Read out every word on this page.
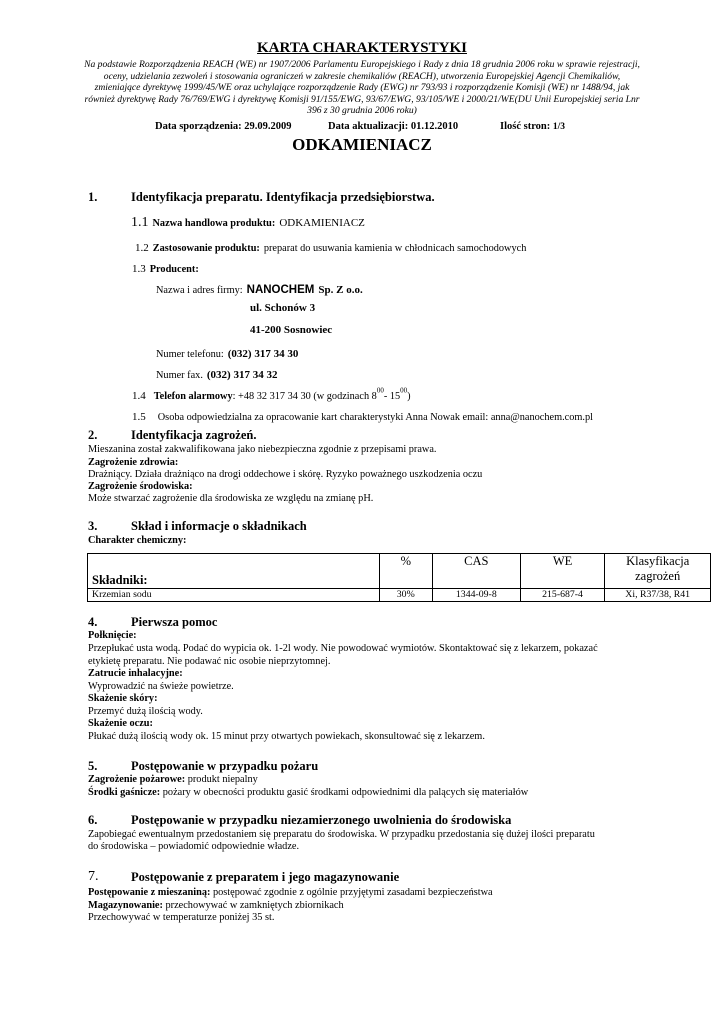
KARTA CHARAKTERYSTYKI
Na podstawie Rozporządzenia REACH (WE) nr 1907/2006 Parlamentu Europejskiego i Rady z dnia 18 grudnia 2006 roku w sprawie rejestracji, oceny, udzielania zezwoleń i stosowania ograniczeń w zakresie chemikaliów (REACH), utworzenia Europejskiej Agencji Chemikaliów, zmieniające dyrektywę 1999/45/WE oraz uchylające rozporządzenie Rady (EWG) nr 793/93 i rozporządzenie Komisji (WE) nr 1488/94, jak również dyrektywę Rady 76/769/EWG i dyrektywę Komisji 91/155/EWG, 93/67/EWG, 93/105/WE i 2000/21/WE(DU Unii Europejskiej seria Lnr 396 z 30 grudnia 2006 roku)
Data sporządzenia: 29.09.2009	Data aktualizacji: 01.12.2010	Ilość stron: 1/3
ODKAMIENIACZ
1.	Identyfikacja preparatu. Identyfikacja przedsiębiorstwa.
1.1 Nazwa handlowa produktu: ODKAMIENIACZ
1.2 Zastosowanie produktu: preparat do usuwania kamienia w chłodnicach samochodowych
1.3 Producent:
Nazwa i adres firmy: NANOCHEM Sp. Z o.o.
ul. Schonów 3
41-200 Sosnowiec
Numer telefonu: (032) 317 34 30
Numer fax. (032) 317 34 32
1.4 Telefon alarmowy: +48 32 317 34 30 (w godzinach $8^{00}-$ $15^{00}$)
1.5 Osoba odpowiedzialna za opracowanie kart charakterystyki Anna Nowak email: anna@nanochem.com.pl
2.	Identyfikacja zagrożeń.
Mieszanina został zakwalifikowana jako niebezpieczna zgodnie z przepisami prawa.
Zagrożenie zdrowia:
Drażniący. Działa drażniąco na drogi oddechowe i skórę. Ryzyko poważnego uszkodzenia oczu
Zagrożenie środowiska:
Może stwarzać zagrożenie dla środowiska ze względu na zmianę pH.
3.	Skład i informacje o składnikach
Charakter chemiczny:
Składniki:	%	CAS	WE	Klasyfikacja zagrożeń
Krzemian sodu	30%	1344-09-8	215-687-4	Xi, R37/38, R41
4.	Pierwsza pomoc
Połknięcie:
Przepłukać usta wodą. Podać do wypicia ok. 1-2l wody. Nie powodować wymiotów. Skontaktować się z lekarzem, pokazać
etykietę preparatu. Nie podawać nic osobie nieprzytomnej.
Zatrucie inhalacyjne:
Wyprowadzić na świeże powietrze.
Skażenie skóry:
Przemyć dużą ilością wody.
Skażenie oczu:
Płukać dużą ilością wody ok. 15 minut przy otwartych powiekach, skonsultować się z lekarzem.
5.	Postępowanie w przypadku pożaru
Zagrożenie pożarowe: produkt niepalny
Środki gaśnicze: pożary w obecności produktu gasić środkami odpowiednimi dla palących się materiałów
6.	Postępowanie w przypadku niezamierzonego uwolnienia do środowiska
Zapobiegać ewentualnym przedostaniem się preparatu do środowiska. W przypadku przedostania się dużej ilości preparatu
do środowiska – powiadomić odpowiednie władze.
7.	Postępowanie z preparatem i jego magazynowanie
Postępowanie z mieszaniną: postępować zgodnie z ogólnie przyjętymi zasadami bezpieczeństwa
Magazynowanie: przechowywać w zamkniętych zbiornikach
Przechowywać w temperaturze poniżej 35 st.
